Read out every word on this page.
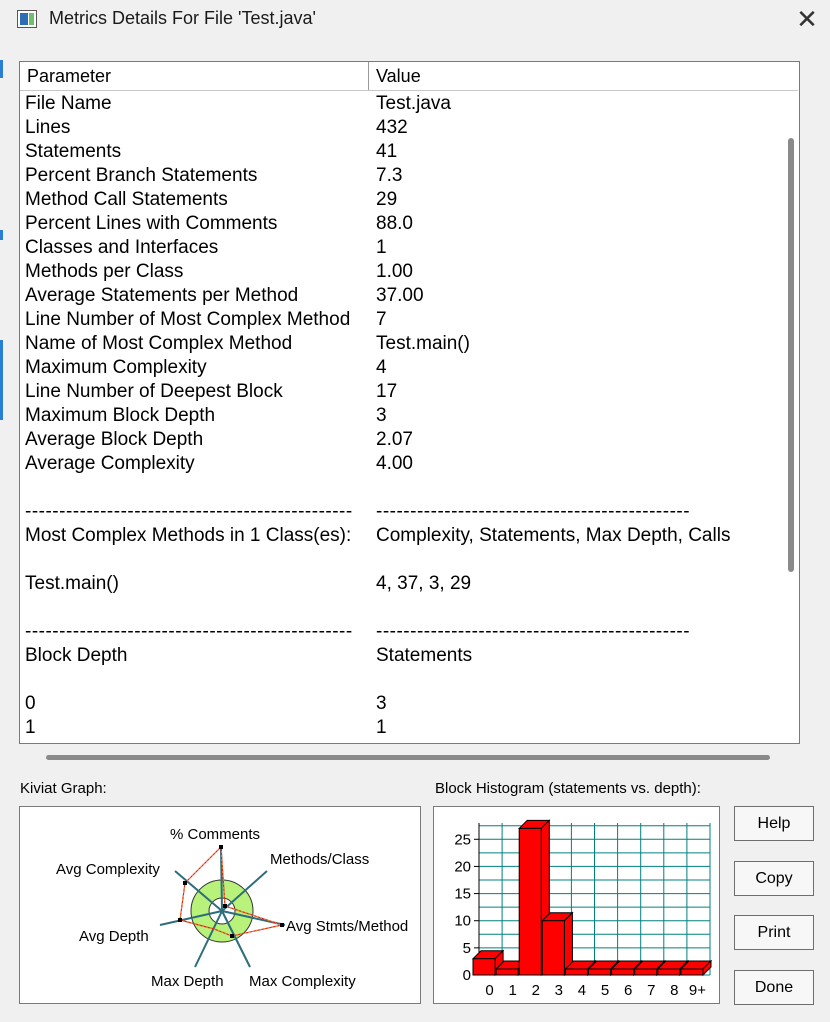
Metrics Details For File 'Test.java'	✕
Parameter	Value
File Name	Test.java
Lines	432
Statements	41
Percent Branch Statements	7.3
Method Call Statements	29
Percent Lines with Comments	88.0
Classes and Interfaces	1
Methods per Class	1.00
Average Statements per Method	37.00
Line Number of Most Complex Method 7
Name of Most Complex Method	Test.main()
Maximum Complexity	4
Line Number of Deepest Block	17
Maximum Block Depth	3
Average Block Depth	2.07
Average Complexity	4.00
------------------------------------------------ ----------------------------------------------
Most Complex Methods in 1 Class(es): Complexity, Statements, Max Depth, Calls
Test.main()	4, 37, 3, 29
------------------------------------------------ ----------------------------------------------
Block Depth	Statements
0	3
1	1
Kiviat Graph:	Block Histogram (statements vs. depth):
% Comments
Methods/Class
Avg Stmts/Method
Max Complexity
Max Depth
Avg Depth
Avg Complexity
0
5
10
15
20
25
0 1 2 3 4 5 6 7 8 9+
Help
Copy
Print
Done
